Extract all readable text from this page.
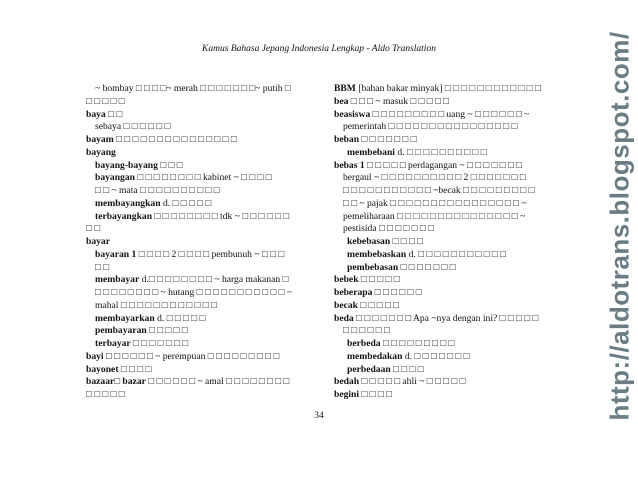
Kamus Bahasa Jepang Indonesia Lengkap - Aldo Translation
~ bombay □ □ □ □~ merah □ □ □ □ □ □ □~ putih □
□ □ □ □ □
baya □ □
sebaya □ □ □ □ □ □
bayam □ □ □ □ □ □ □ □ □ □ □ □ □ □ □
bayang
bayang-bayang □ □ □
bayangan □ □ □ □ □ □ □ □ kabinet ~ □ □ □ □
□ □ ~ mata □ □ □ □ □ □ □ □ □ □
membayangkan d. □ □ □ □ □
terbayangkan □ □ □ □ □ □ □ □ tdk ~ □ □ □ □ □ □
□ □
bayar
bayaran 1 □ □ □ □ 2 □ □ □ □ pembunuh ~ □ □ □
□ □
membayar d.□ □ □ □ □ □ □ □ ~ harga makanan □
□ □ □ □ □ □ □ □ ~ hutang □ □ □ □ □ □ □ □ □ □ □ ~
mahal □ □ □ □ □ □ □ □ □ □ □ □
membayarkan d. □ □ □ □ □
pembayaran □ □ □ □ □
terbayar □ □ □ □ □ □ □
bayi □ □ □ □ □ □ ~ perempuan □ □ □ □ □ □ □ □ □
bayonet □ □ □ □
bazaar□ bazar □ □ □ □ □ □ ~ amal □ □ □ □ □ □ □ □
□ □ □ □ □
BBM [bahan bakar minyak] □ □ □ □ □ □ □ □ □ □ □ □
bea □ □ □ ~ masuk □ □ □ □ □
beasiswa □ □ □ □ □ □ □ □ □ uang ~ □ □ □ □ □ □ ~
pemerintah □ □ □ □ □ □ □ □ □ □ □ □ □ □ □ □
beban □ □ □ □ □ □ □
membebani d. □ □ □ □ □ □ □ □ □ □
bebas 1 □ □ □ □ □ perdagangan ~ □ □ □ □ □ □ □
bergaul ~ □ □ □ □ □ □ □ □ □ □ 2 □ □ □ □ □ □ □
□ □ □ □ □ □ □ □ □ □ □ ~becak □ □ □ □ □ □ □ □ □
□ □ ~ pajak □ □ □ □ □ □ □ □ □ □ □ □ □ □ □ □ ~
pemeliharaan □ □ □ □ □ □ □ □ □ □ □ □ □ □ □ ~
pestisida □ □ □ □ □ □ □
kebebasan □ □ □ □
membebaskan d. □ □ □ □ □ □ □ □ □ □ □
pembebasan □ □ □ □ □ □ □
bebek □ □ □ □ □
beberapa □ □ □ □ □ □
becak □ □ □ □ □
beda □ □ □ □ □ □ □ Apa ~nya dengan ini? □ □ □ □ □
□ □ □ □ □ □
berbeda □ □ □ □ □ □ □ □ □
membedakan d. □ □ □ □ □ □ □
perbedaan □ □ □ □
bedah □ □ □ □ □ ahli ~ □ □ □ □ □
begini □ □ □ □
34	http://aldotrans.blogspot.com/
